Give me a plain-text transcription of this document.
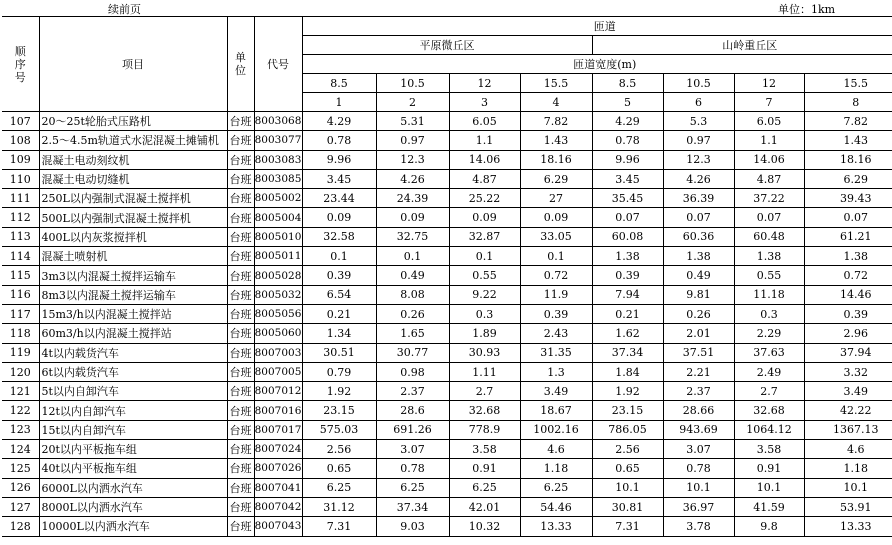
续前页	单位：1km
顺
序
号	项目	单
位	代号	匝道							
				平原微丘区				山岭重丘区			
				匝道宽度(m)							
				8.5	10.5	12	15.5	8.5	10.5	12	15.5
				1	2	3	4	5	6	7	8
107	20～25t轮胎式压路机	台班	8003068	4.29	5.31	6.05	7.82	4.29	5.3	6.05	7.82
108	2.5～4.5m轨道式水泥混凝土摊铺机	台班	8003077	0.78	0.97	1.1	1.43	0.78	0.97	1.1	1.43
109	混凝土电动刻纹机	台班	8003083	9.96	12.3	14.06	18.16	9.96	12.3	14.06	18.16
110	混凝土电动切缝机	台班	8003085	3.45	4.26	4.87	6.29	3.45	4.26	4.87	6.29
111	250L以内强制式混凝土搅拌机	台班	8005002	23.44	24.39	25.22	27	35.45	36.39	37.22	39.43
112	500L以内强制式混凝土搅拌机	台班	8005004	0.09	0.09	0.09	0.09	0.07	0.07	0.07	0.07
113	400L以内灰浆搅拌机	台班	8005010	32.58	32.75	32.87	33.05	60.08	60.36	60.48	61.21
114	混凝土喷射机	台班	8005011	0.1	0.1	0.1	0.1	1.38	1.38	1.38	1.38
115	3m3以内混凝土搅拌运输车	台班	8005028	0.39	0.49	0.55	0.72	0.39	0.49	0.55	0.72
116	8m3以内混凝土搅拌运输车	台班	8005032	6.54	8.08	9.22	11.9	7.94	9.81	11.18	14.46
117	15m3/h以内混凝土搅拌站	台班	8005056	0.21	0.26	0.3	0.39	0.21	0.26	0.3	0.39
118	60m3/h以内混凝土搅拌站	台班	8005060	1.34	1.65	1.89	2.43	1.62	2.01	2.29	2.96
119	4t以内载货汽车	台班	8007003	30.51	30.77	30.93	31.35	37.34	37.51	37.63	37.94
120	6t以内载货汽车	台班	8007005	0.79	0.98	1.11	1.3	1.84	2.21	2.49	3.32
121	5t以内自卸汽车	台班	8007012	1.92	2.37	2.7	3.49	1.92	2.37	2.7	3.49
122	12t以内自卸汽车	台班	8007016	23.15	28.6	32.68	18.67	23.15	28.66	32.68	42.22
123	15t以内自卸汽车	台班	8007017	575.03	691.26	778.9	1002.16	786.05	943.69	1064.12	1367.13
124	20t以内平板拖车组	台班	8007024	2.56	3.07	3.58	4.6	2.56	3.07	3.58	4.6
125	40t以内平板拖车组	台班	8007026	0.65	0.78	0.91	1.18	0.65	0.78	0.91	1.18
126	6000L以内洒水汽车	台班	8007041	6.25	6.25	6.25	6.25	10.1	10.1	10.1	10.1
127	8000L以内洒水汽车	台班	8007042	31.12	37.34	42.01	54.46	30.81	36.97	41.59	53.91
128	10000L以内洒水汽车	台班	8007043	7.31	9.03	10.32	13.33	7.31	3.78	9.8	13.33
